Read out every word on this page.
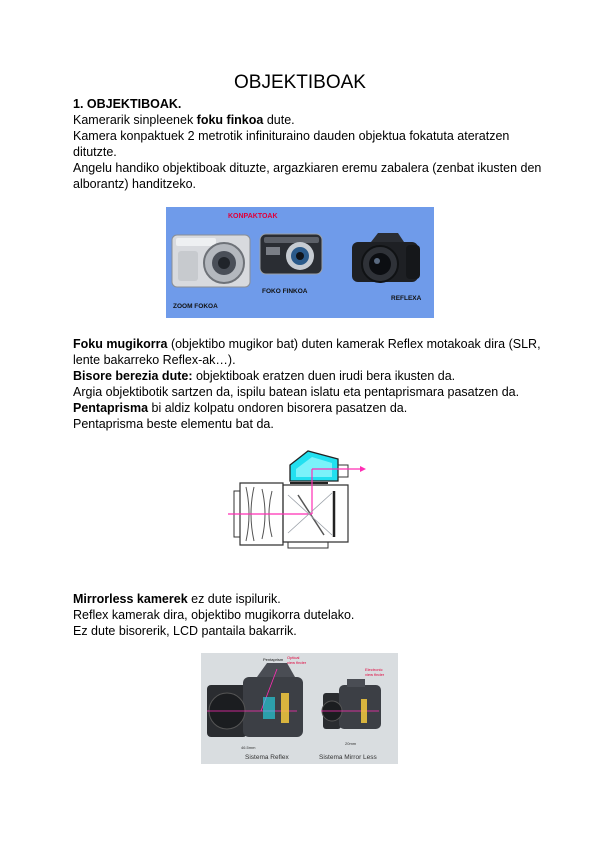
OBJEKTIBOAK

1. OBJEKTIBOAK.

Kamerarik sinpleenek foku finkoa dute.

Kamera konpaktuek 2 metrotik infinituraino dauden objektua fokatuta ateratzen ditutzte.

Angelu handiko objektiboak dituzte, argazkiaren eremu zabalera (zenbat ikusten den alborantz) handitzeko.

KONPAKTOAK
FOKO FINKOA
REFLEXA
ZOOM FOKOA

Foku mugikorra (objektibo mugikor bat) duten kamerak Reflex motakoak dira (SLR, lente bakarreko Reflex-ak…).

Bisore berezia dute: objektiboak eratzen duen irudi bera ikusten da.

Argia objektibotik sartzen da, ispilu batean islatu eta pentaprismara pasatzen da.

Pentaprisma bi aldiz kolpatu ondoren bisorera pasatzen da.

Pentaprisma beste elementu bat da.

Mirrorless kamerek ez dute ispilurik.

Reflex kamerak dira, objektibo mugikorra dutelako.

Ez dute bisorerik, LCD pantaila bakarrik.

Pentaprism Optical
view finder
Electronic
view finder
46.5mm
20mm
Sistema Reflex	Sistema Mirror Less
